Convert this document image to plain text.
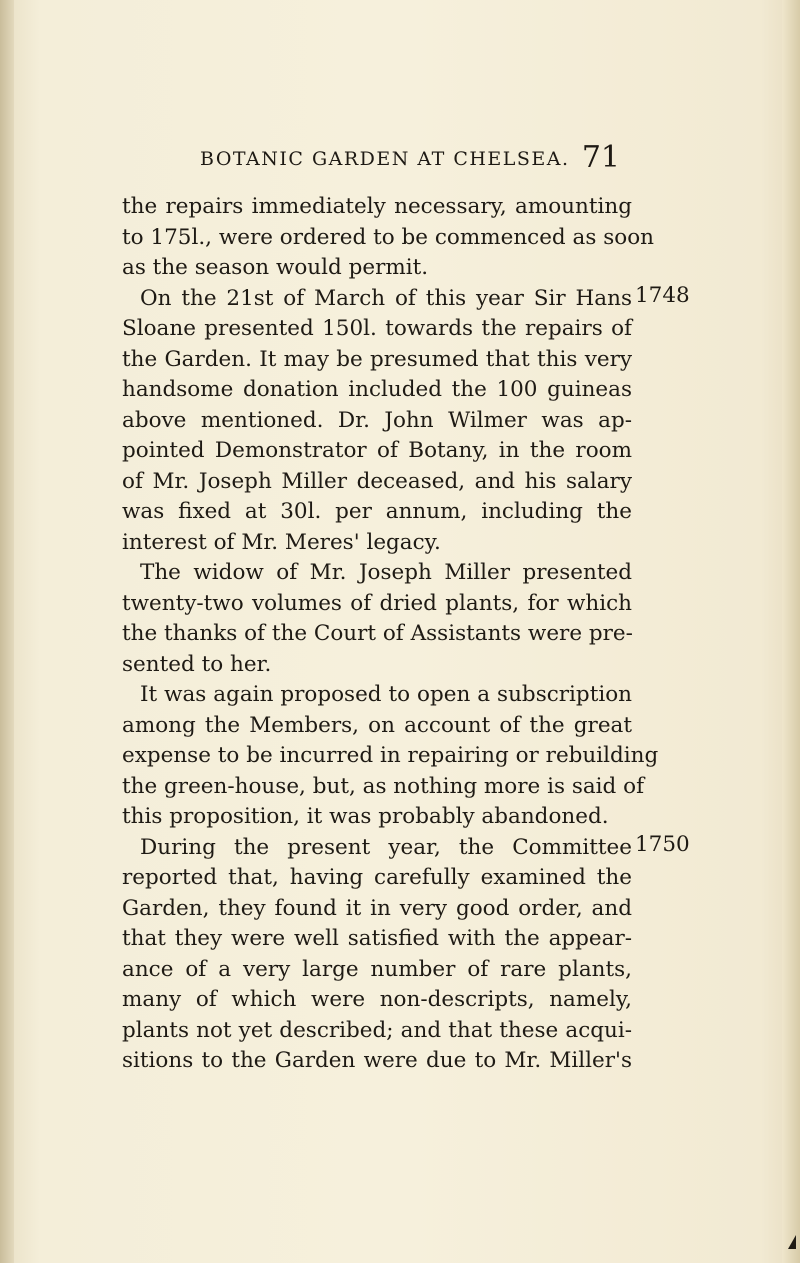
BOTANIC GARDEN AT CHELSEA. 71
the repairs immediately necessary, amounting
to 175l., were ordered to be commenced as soon
as the season would permit.
On the 21st of March of this year Sir Hans
Sloane presented 150l. towards the repairs of
the Garden. It may be presumed that this very
handsome donation included the 100 guineas
above mentioned. Dr. John Wilmer was ap-
pointed Demonstrator of Botany, in the room
of Mr. Joseph Miller deceased, and his salary
was fixed at 30l. per annum, including the
interest of Mr. Meres' legacy.
The widow of Mr. Joseph Miller presented
twenty-two volumes of dried plants, for which
the thanks of the Court of Assistants were pre-
sented to her.
It was again proposed to open a subscription
among the Members, on account of the great
expense to be incurred in repairing or rebuilding
the green-house, but, as nothing more is said of
this proposition, it was probably abandoned.
During the present year, the Committee
reported that, having carefully examined the
Garden, they found it in very good order, and
that they were well satisfied with the appear-
ance of a very large number of rare plants,
many of which were non-descripts, namely,
plants not yet described; and that these acqui-
sitions to the Garden were due to Mr. Miller's
1748
1750
